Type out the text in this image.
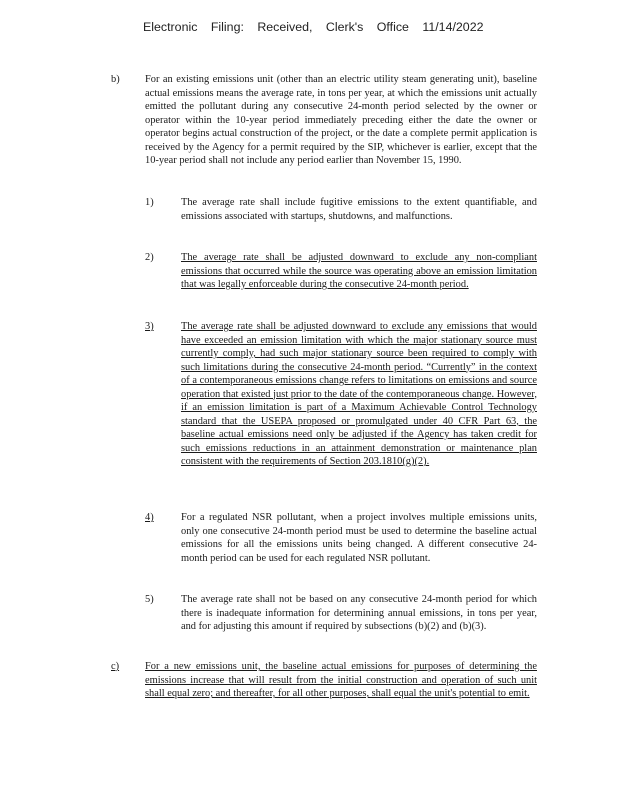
Electronic Filing: Received, Clerk's Office 11/14/2022
b) For an existing emissions unit (other than an electric utility steam generating unit), baseline actual emissions means the average rate, in tons per year, at which the emissions unit actually emitted the pollutant during any consecutive 24-month period selected by the owner or operator within the 10-year period immediately preceding either the date the owner or operator begins actual construction of the project, or the date a complete permit application is received by the Agency for a permit required by the SIP, whichever is earlier, except that the 10-year period shall not include any period earlier than November 15, 1990.
1)	The average rate shall include fugitive emissions to the extent quantifiable, and emissions associated with startups, shutdowns, and malfunctions.
2)	The average rate shall be adjusted downward to exclude any non-compliant emissions that occurred while the source was operating above an emission limitation that was legally enforceable during the consecutive 24-month period.
3)	The average rate shall be adjusted downward to exclude any emissions that would have exceeded an emission limitation with which the major stationary source must currently comply, had such major stationary source been required to comply with such limitations during the consecutive 24-month period. “Currently” in the context of a contemporaneous emissions change refers to limitations on emissions and source operation that existed just prior to the date of the contemporaneous change. However, if an emission limitation is part of a Maximum Achievable Control Technology standard that the USEPA proposed or promulgated under 40 CFR Part 63, the baseline actual emissions need only be adjusted if the Agency has taken credit for such emissions reductions in an attainment demonstration or maintenance plan consistent with the requirements of Section 203.1810(g)(2).
4)	For a regulated NSR pollutant, when a project involves multiple emissions units, only one consecutive 24-month period must be used to determine the baseline actual emissions for all the emissions units being changed. A different consecutive 24-month period can be used for each regulated NSR pollutant.
5)	The average rate shall not be based on any consecutive 24-month period for which there is inadequate information for determining annual emissions, in tons per year, and for adjusting this amount if required by subsections (b)(2) and (b)(3).
c) For a new emissions unit, the baseline actual emissions for purposes of determining the emissions increase that will result from the initial construction and operation of such unit shall equal zero; and thereafter, for all other purposes, shall equal the unit's potential to emit.
